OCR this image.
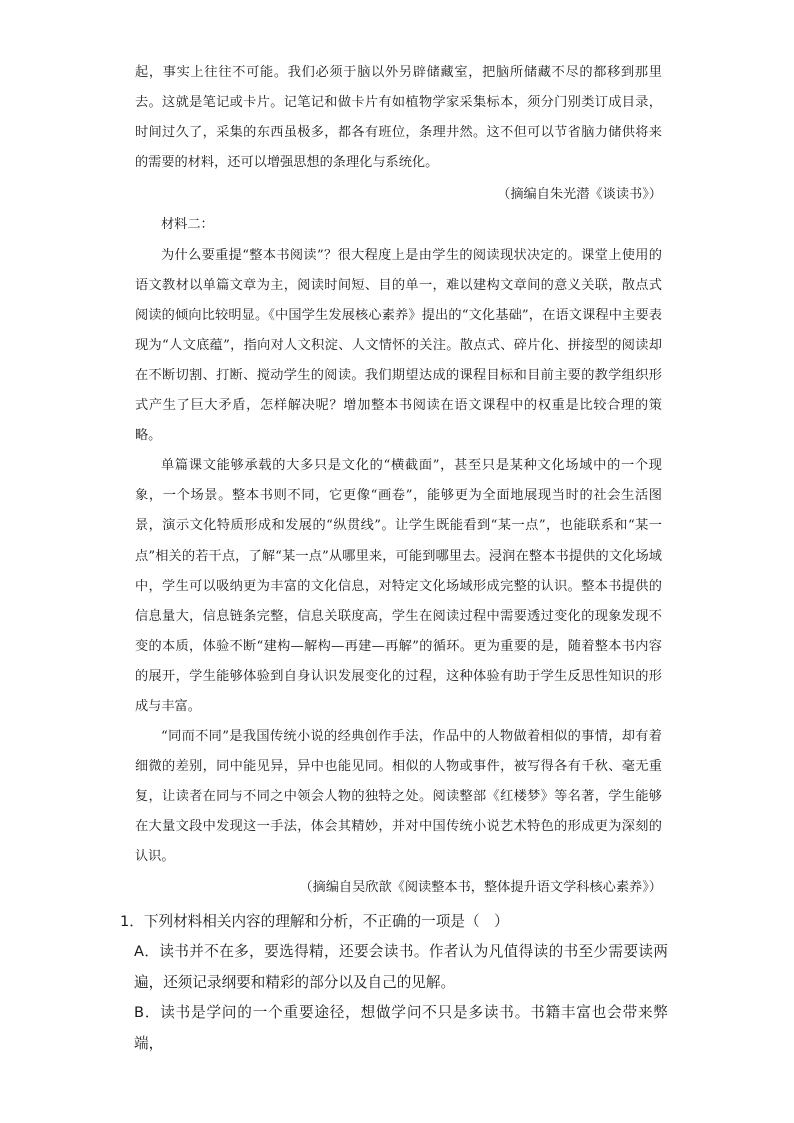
起，事实上往往不可能。我们必须于脑以外另辟储藏室，把脑所储藏不尽的都移到那里去。这就是笔记或卡片。记笔记和做卡片有如植物学家采集标本，须分门别类订成目录，时间过久了，采集的东西虽极多，都各有班位，条理井然。这不但可以节省脑力储供将来的需要的材料，还可以增强思想的条理化与系统化。

（摘编自朱光潜《谈读书》）

材料二：

为什么要重提“整本书阅读”？很大程度上是由学生的阅读现状决定的。课堂上使用的语文教材以单篇文章为主，阅读时间短、目的单一，难以建构文章间的意义关联，散点式阅读的倾向比较明显。《中国学生发展核心素养》提出的“文化基础”，在语文课程中主要表现为“人文底蕴”，指向对人文积淀、人文情怀的关注。散点式、碎片化、拼接型的阅读却在不断切割、打断、搅动学生的阅读。我们期望达成的课程目标和目前主要的教学组织形式产生了巨大矛盾，怎样解决呢？增加整本书阅读在语文课程中的权重是比较合理的策略。

单篇课文能够承载的大多只是文化的“横截面”，甚至只是某种文化场域中的一个现象，一个场景。整本书则不同，它更像“画卷”，能够更为全面地展现当时的社会生活图景，演示文化特质形成和发展的“纵贯线”。让学生既能看到“某一点”，也能联系和“某一点”相关的若干点，了解“某一点”从哪里来，可能到哪里去。浸润在整本书提供的文化场域中，学生可以吸纳更为丰富的文化信息，对特定文化场域形成完整的认识。整本书提供的信息量大，信息链条完整，信息关联度高，学生在阅读过程中需要透过变化的现象发现不变的本质，体验不断“建构—解构—再建—再解”的循环。更为重要的是，随着整本书内容的展开，学生能够体验到自身认识发展变化的过程，这种体验有助于学生反思性知识的形成与丰富。

“同而不同”是我国传统小说的经典创作手法，作品中的人物做着相似的事情，却有着细微的差别，同中能见异，异中也能见同。相似的人物或事件，被写得各有千秋、毫无重复，让读者在同与不同之中领会人物的独特之处。阅读整部《红楼梦》等名著，学生能够在大量文段中发现这一手法，体会其精妙，并对中国传统小说艺术特色的形成更为深刻的认识。

（摘编自吴欣歆《阅读整本书，整体提升语文学科核心素养》）

1．下列材料相关内容的理解和分析，不正确的一项是（　）

A．读书并不在多，要选得精，还要会读书。作者认为凡值得读的书至少需要读两遍，还须记录纲要和精彩的部分以及自己的见解。

B．读书是学问的一个重要途径，想做学问不只是多读书。书籍丰富也会带来弊端，
